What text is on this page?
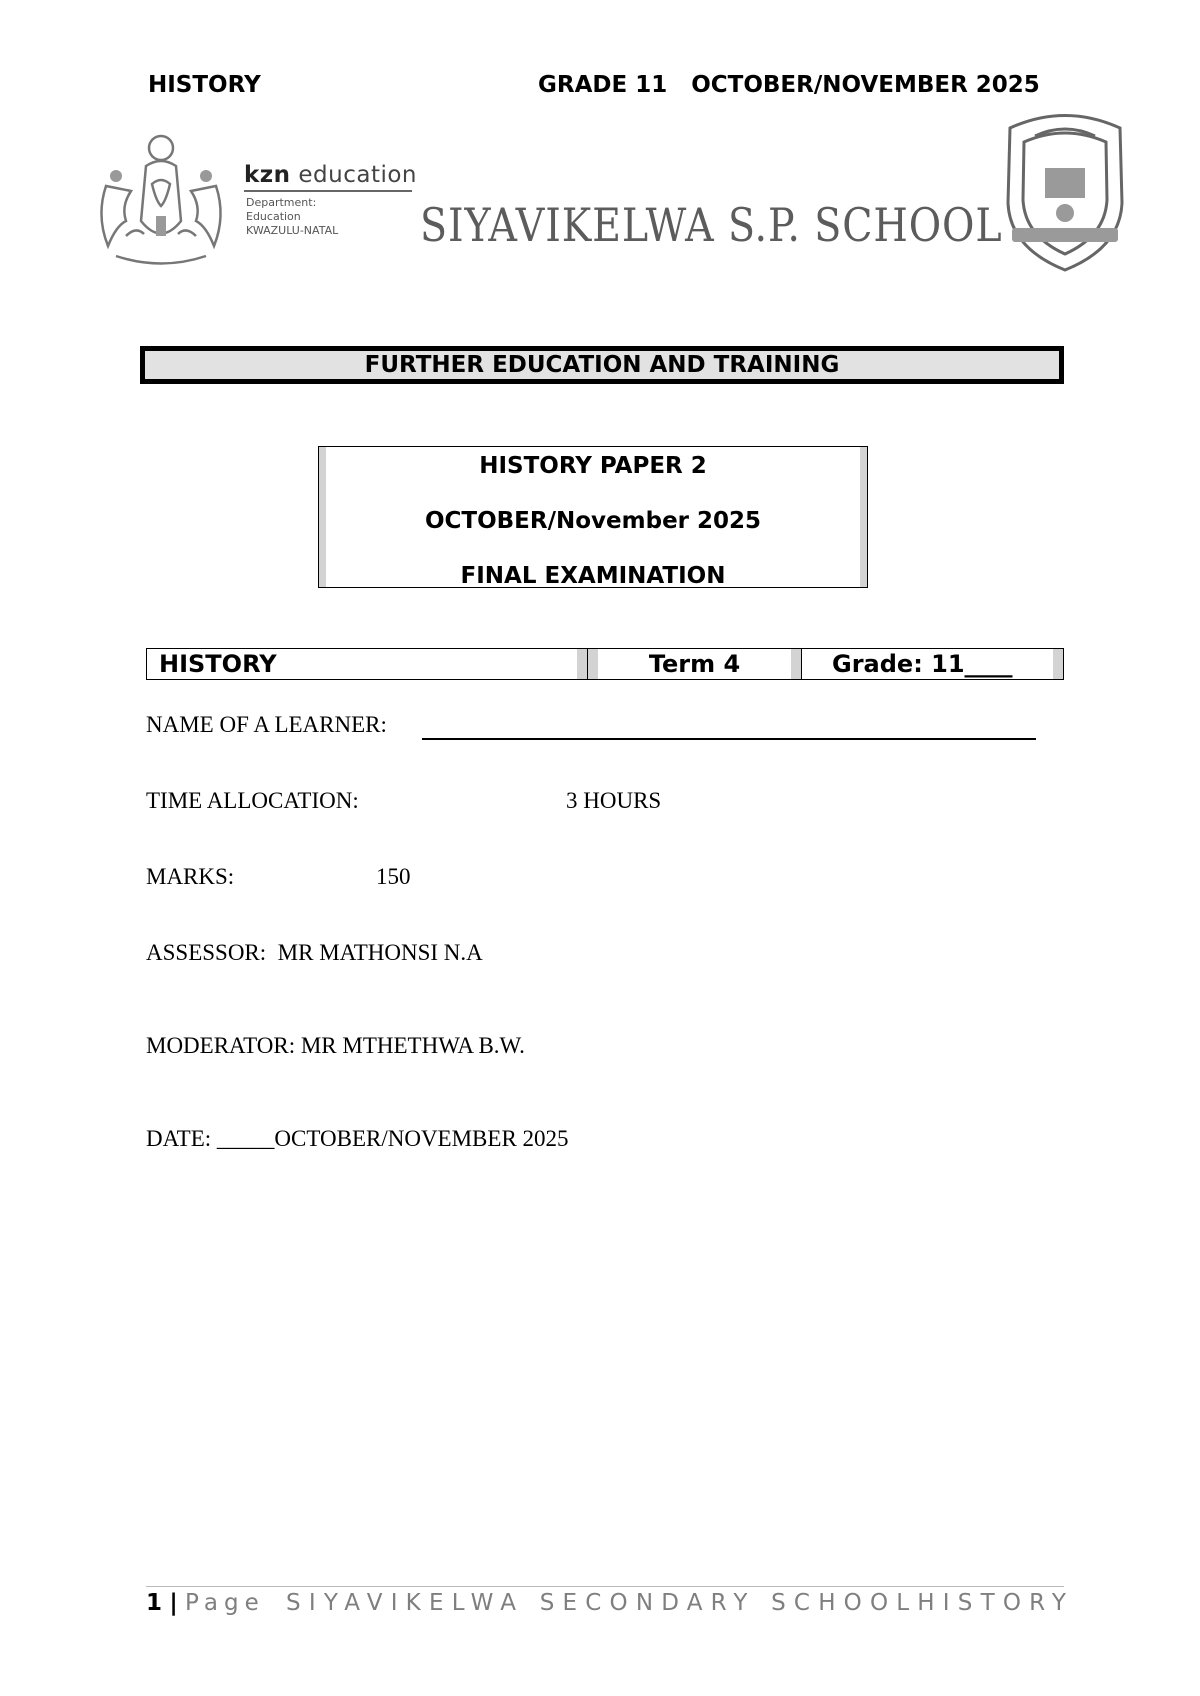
HISTORY	GRADE 11   OCTOBER/NOVEMBER 2025
kzn education
Department:
Education
KWAZULU-NATAL SIYAVIKELWA S.P. SCHOOL
FURTHER EDUCATION AND TRAINING
HISTORY PAPER 2
OCTOBER/November 2025
FINAL EXAMINATION
HISTORY	Term 4	Grade: 11____
NAME OF A LEARNER:
TIME ALLOCATION:	3 HOURS
MARKS:	150
ASSESSOR:  MR MATHONSI N.A
MODERATOR: MR MTHETHWA B.W.
DATE: _____OCTOBER/NOVEMBER 2025
1 | Page SIYAVIKELWA SECONDARY SCHOOLHISTORY
